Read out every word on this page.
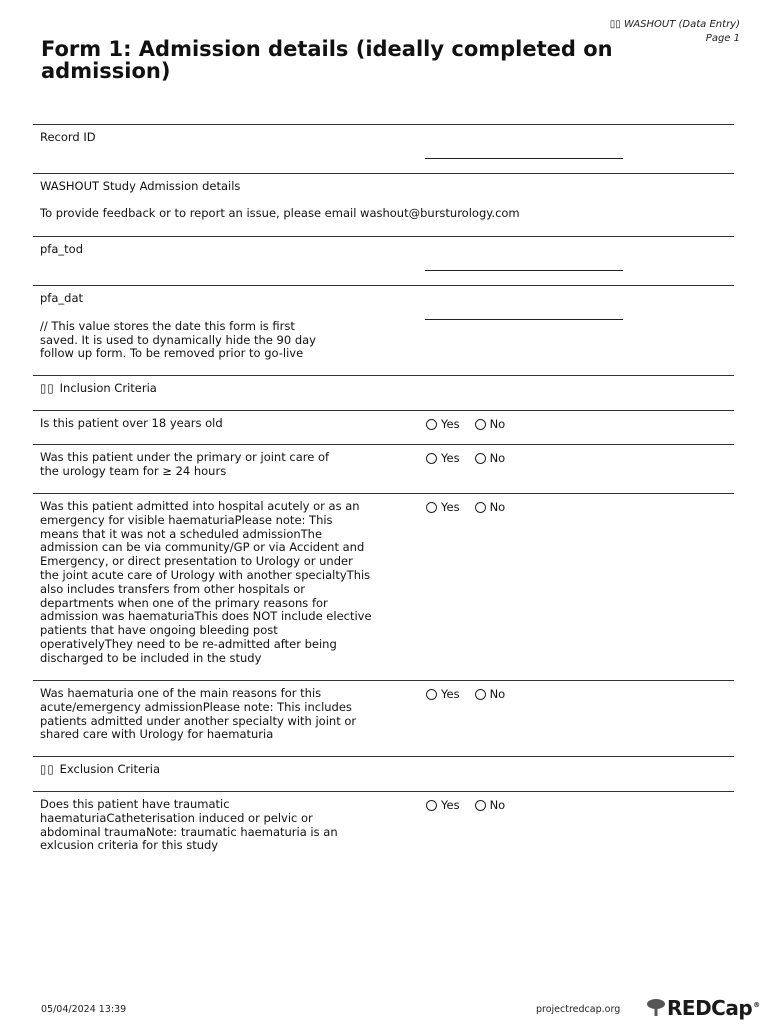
▯▯ WASHOUT (Data Entry)
Page 1
Form 1: Admission details (ideally completed on admission)
Record ID

WASHOUT Study Admission details

To provide feedback or to report an issue, please email washout@bursturology.com

pfa_tod

pfa_dat

// This value stores the date this form is first saved. It is used to dynamically hide the 90 day follow up form. To be removed prior to go-live

▯▯ Inclusion Criteria
Is this patient over 18 years old	Yes	No
Was this patient under the primary or joint care of the urology team for ≥ 24 hours
Yes	No
Was this patient admitted into hospital acutely or as an emergency for visible haematuriaPlease note: This means that it was not a scheduled admissionThe admission can be via community/GP or via Accident and Emergency, or direct presentation to Urology or under the joint acute care of Urology with another specialtyThis also includes transfers from other hospitals or departments when one of the primary reasons for admission was haematuriaThis does NOT include elective patients that have ongoing bleeding post operativelyThey need to be re-admitted after being discharged to be included in the study
Yes	No
Was haematuria one of the main reasons for this acute/emergency admissionPlease note: This includes patients admitted under another specialty with joint or shared care with Urology for haematuria
Yes	No
▯▯ Exclusion Criteria
Does this patient have traumatic haematuriaCatheterisation induced or pelvic or abdominal traumaNote: traumatic haematuria is an exlcusion criteria for this study
Yes	No
05/04/2024 13:39	projectredcap.org REDCap®
